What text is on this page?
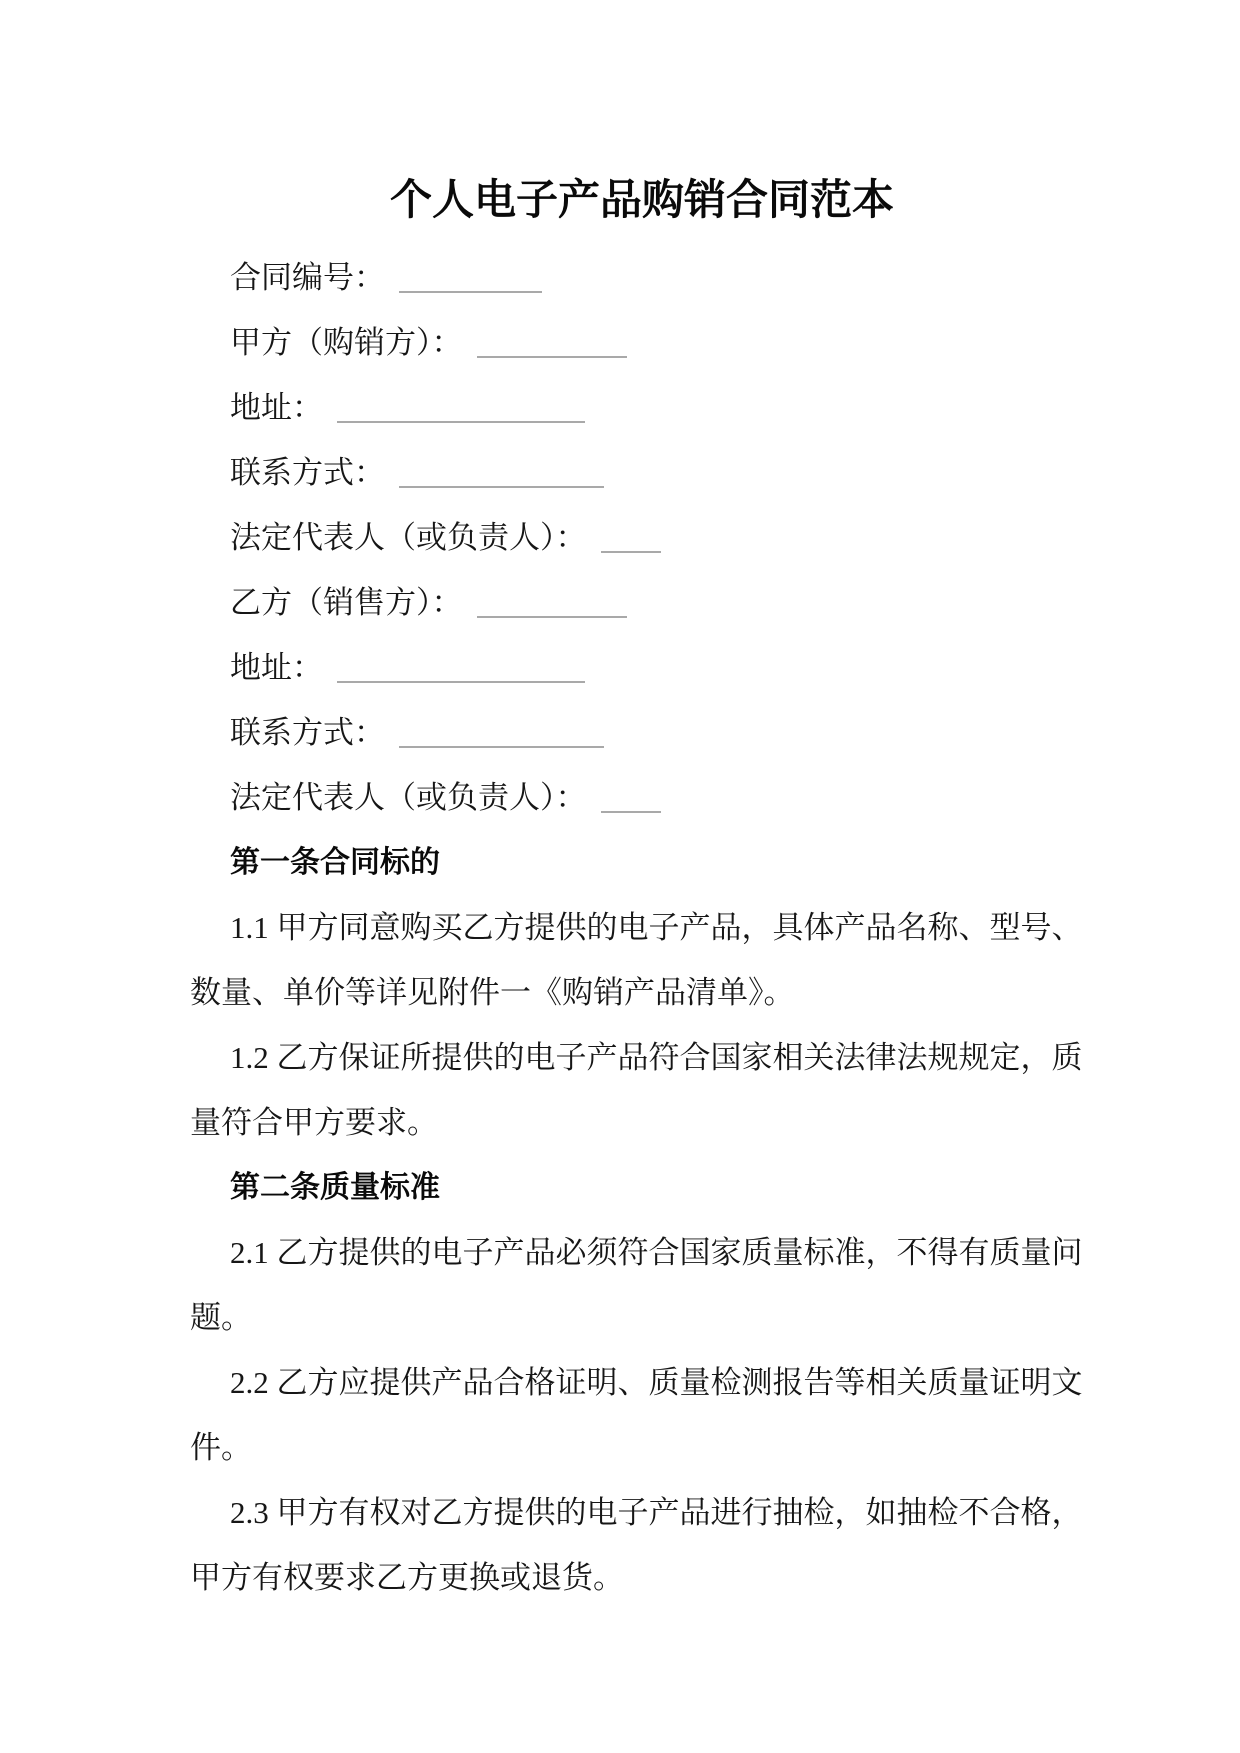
个人电子产品购销合同范本
合同编号：
甲方（购销方）：
地址：
联系方式：
法定代表人（或负责人）：
乙方（销售方）：
地址：
联系方式：
法定代表人（或负责人）：
第一条合同标的
1.1 甲方同意购买乙方提供的电子产品，具体产品名称、型号、
数量、单价等详见附件一《购销产品清单》。
1.2 乙方保证所提供的电子产品符合国家相关法律法规规定，质
量符合甲方要求。
第二条质量标准
2.1 乙方提供的电子产品必须符合国家质量标准，不得有质量问
题。
2.2 乙方应提供产品合格证明、质量检测报告等相关质量证明文
件。
2.3 甲方有权对乙方提供的电子产品进行抽检，如抽检不合格，
甲方有权要求乙方更换或退货。
